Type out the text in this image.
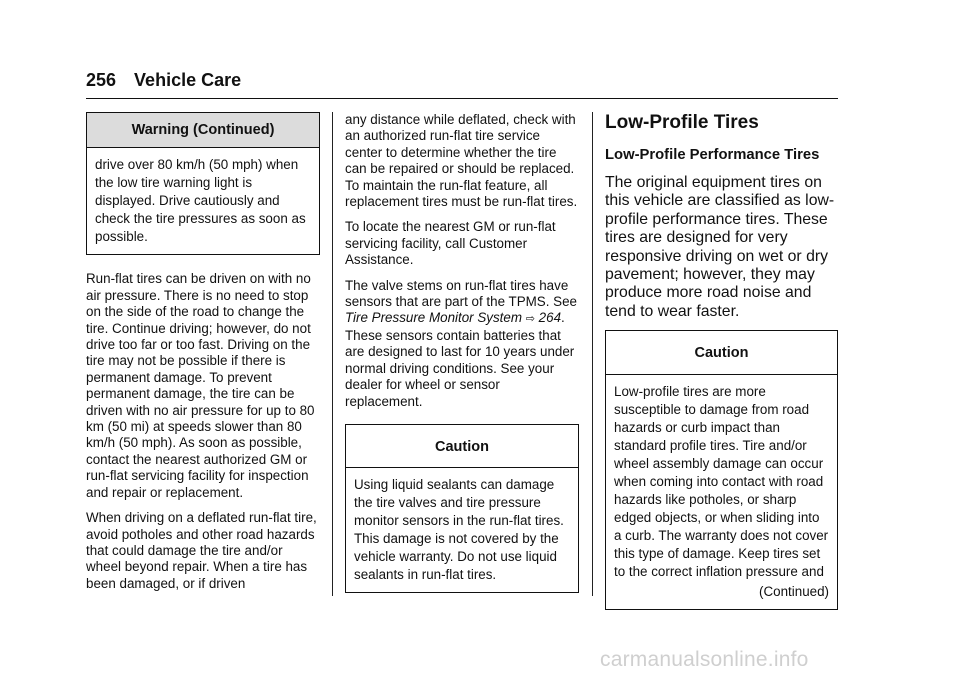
256 Vehicle Care
Warning (Continued)
drive over 80 km/h (50 mph) when the low tire warning light is displayed. Drive cautiously and check the tire pressures as soon as possible.

Run-flat tires can be driven on with no air pressure. There is no need to stop on the side of the road to change the tire. Continue driving; however, do not drive too far or too fast. Driving on the tire may not be possible if there is permanent damage. To prevent permanent damage, the tire can be driven with no air pressure for up to 80 km (50 mi) at speeds slower than 80 km/h (50 mph). As soon as possible, contact the nearest authorized GM or run-flat servicing facility for inspection and repair or replacement.

When driving on a deflated run-flat tire, avoid potholes and other road hazards that could damage the tire and/or wheel beyond repair. When a tire has been damaged, or if driven

any distance while deflated, check with an authorized run-flat tire service center to determine whether the tire can be repaired or should be replaced. To maintain the run-flat feature, all replacement tires must be run-flat tires.

To locate the nearest GM or run-flat servicing facility, call Customer Assistance.

The valve stems on run-flat tires have sensors that are part of the TPMS. See Tire Pressure Monitor System ⇨ 264. These sensors contain batteries that are designed to last for 10 years under normal driving conditions. See your dealer for wheel or sensor replacement.

Caution
Using liquid sealants can damage the tire valves and tire pressure monitor sensors in the run-flat tires. This damage is not covered by the vehicle warranty. Do not use liquid sealants in run-flat tires.
Low-Profile Tires
Low-Profile Performance Tires

The original equipment tires on this vehicle are classified as low-profile performance tires. These tires are designed for very responsive driving on wet or dry pavement; however, they may produce more road noise and tend to wear faster.

Caution
Low-profile tires are more susceptible to damage from road hazards or curb impact than standard profile tires. Tire and/or wheel assembly damage can occur when coming into contact with road hazards like potholes, or sharp edged objects, or when sliding into a curb. The warranty does not cover this type of damage. Keep tires set to the correct inflation pressure and
(Continued)
carmanualsonline.info
